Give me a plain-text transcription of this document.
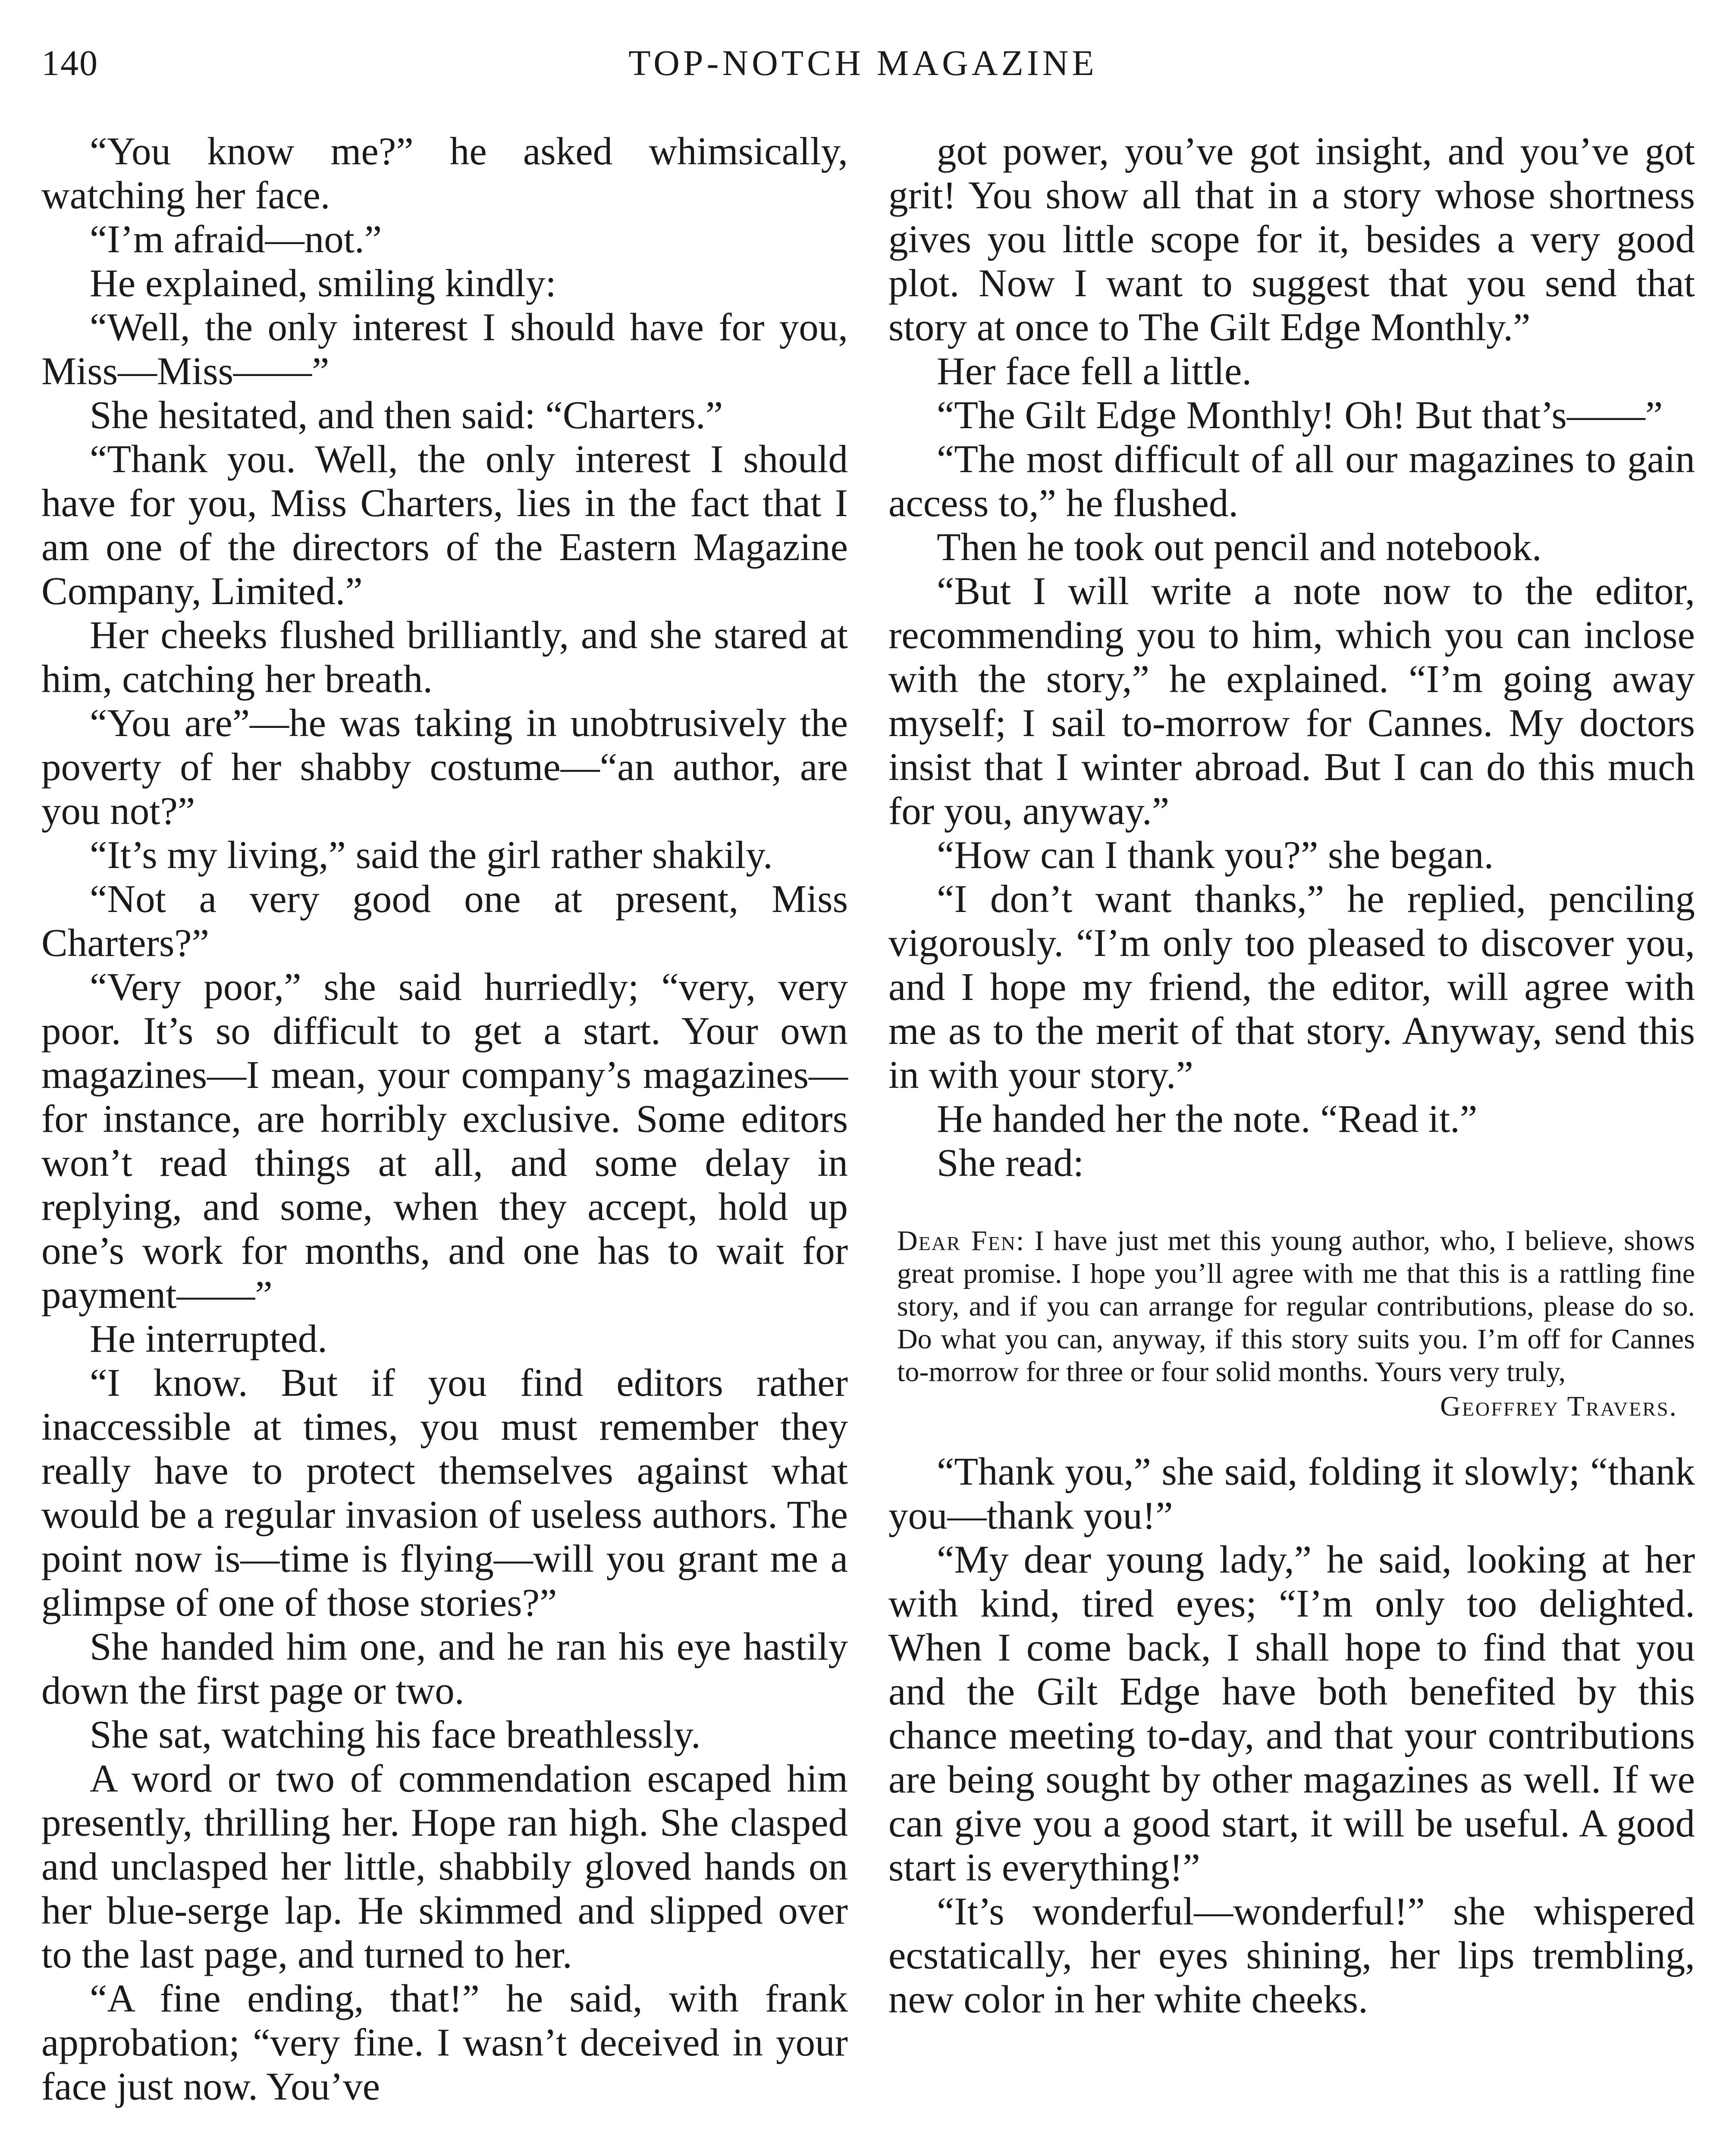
140	TOP-NOTCH MAGAZINE

“You know me?” he asked whimsically, watching her face.

“I’m afraid—not.”

He explained, smiling kindly:

“Well, the only interest I should have for you, Miss—Miss——”

She hesitated, and then said: “Charters.”

“Thank you. Well, the only interest I should have for you, Miss Charters, lies in the fact that I am one of the directors of the Eastern Magazine Company, Limited.”

Her cheeks flushed brilliantly, and she stared at him, catching her breath.

“You are”—he was taking in unobtrusively the poverty of her shabby costume—“an author, are you not?”

“It’s my living,” said the girl rather shakily.

“Not a very good one at present, Miss Charters?”

“Very poor,” she said hurriedly; “very, very poor. It’s so difficult to get a start. Your own magazines—I mean, your company’s magazines—for instance, are horribly exclusive. Some editors won’t read things at all, and some delay in replying, and some, when they accept, hold up one’s work for months, and one has to wait for payment——”

He interrupted.

“I know. But if you find editors rather inaccessible at times, you must remember they really have to protect themselves against what would be a regular invasion of useless authors. The point now is—time is flying—will you grant me a glimpse of one of those stories?”

She handed him one, and he ran his eye hastily down the first page or two.

She sat, watching his face breathlessly.

A word or two of commendation escaped him presently, thrilling her. Hope ran high. She clasped and unclasped her little, shabbily gloved hands on her blue-serge lap. He skimmed and slipped over to the last page, and turned to her.

“A fine ending, that!” he said, with frank approbation; “very fine. I wasn’t deceived in your face just now. You’ve

got power, you’ve got insight, and you’ve got grit! You show all that in a story whose shortness gives you little scope for it, besides a very good plot. Now I want to suggest that you send that story at once to The Gilt Edge Monthly.”

Her face fell a little.

“The Gilt Edge Monthly! Oh! But that’s——”

“The most difficult of all our magazines to gain access to,” he flushed.

Then he took out pencil and notebook.

“But I will write a note now to the editor, recommending you to him, which you can inclose with the story,” he explained. “I’m going away myself; I sail to-morrow for Cannes. My doctors insist that I winter abroad. But I can do this much for you, anyway.”

“How can I thank you?” she began.

“I don’t want thanks,” he replied, penciling vigorously. “I’m only too pleased to discover you, and I hope my friend, the editor, will agree with me as to the merit of that story. Anyway, send this in with your story.”

He handed her the note. “Read it.”

She read:

Dear Fen: I have just met this young author, who, I believe, shows great promise. I hope you’ll agree with me that this is a rattling fine story, and if you can arrange for regular contributions, please do so. Do what you can, anyway, if this story suits you. I’m off for Cannes to-morrow for three or four solid months. Yours very truly,

Geoffrey Travers.

“Thank you,” she said, folding it slowly; “thank you—thank you!”

“My dear young lady,” he said, looking at her with kind, tired eyes; “I’m only too delighted. When I come back, I shall hope to find that you and the Gilt Edge have both benefited by this chance meeting to-day, and that your contributions are being sought by other magazines as well. If we can give you a good start, it will be useful. A good start is everything!”

“It’s wonderful—wonderful!” she whispered ecstatically, her eyes shining, her lips trembling, new color in her white cheeks.
